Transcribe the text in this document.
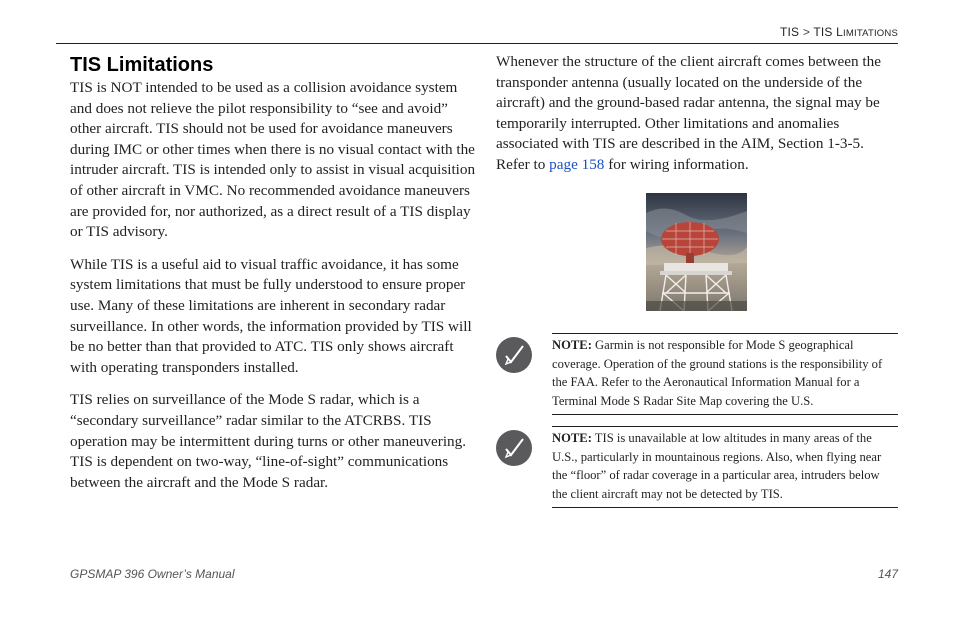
TIS > TIS LIMITATIONS
TIS Limitations

TIS is NOT intended to be used as a collision avoidance system and does not relieve the pilot responsibility to “see and avoid” other aircraft. TIS should not be used for avoidance maneuvers during IMC or other times when there is no visual contact with the intruder aircraft. TIS is intended only to assist in visual acquisition of other aircraft in VMC. No recommended avoidance maneuvers are provided for, nor authorized, as a direct result of a TIS display or TIS advisory.

While TIS is a useful aid to visual traffic avoidance, it has some system limitations that must be fully understood to ensure proper use. Many of these limitations are inherent in secondary radar surveillance. In other words, the information provided by TIS will be no better than that provided to ATC. TIS only shows aircraft with operating transponders installed.

TIS relies on surveillance of the Mode S radar, which is a “secondary surveillance” radar similar to the ATCRBS. TIS operation may be intermittent during turns or other maneuvering. TIS is dependent on two-way, “line-of-sight” communications between the aircraft and the Mode S radar.

Whenever the structure of the client aircraft comes between the transponder antenna (usually located on the underside of the aircraft) and the ground-based radar antenna, the signal may be temporarily interrupted. Other limitations and anomalies associated with TIS are described in the AIM, Section 1-3-5. Refer to page 158 for wiring information.

NOTE: Garmin is not responsible for Mode S geographical coverage. Operation of the ground stations is the responsibility of the FAA. Refer to the Aeronautical Information Manual for a Terminal Mode S Radar Site Map covering the U.S.
NOTE: TIS is unavailable at low altitudes in many areas of the U.S., particularly in mountainous regions. Also, when flying near the “floor” of radar coverage in a particular area, intruders below the client aircraft may not be detected by TIS.
GPSMAP 396 Owner’s Manual	147
